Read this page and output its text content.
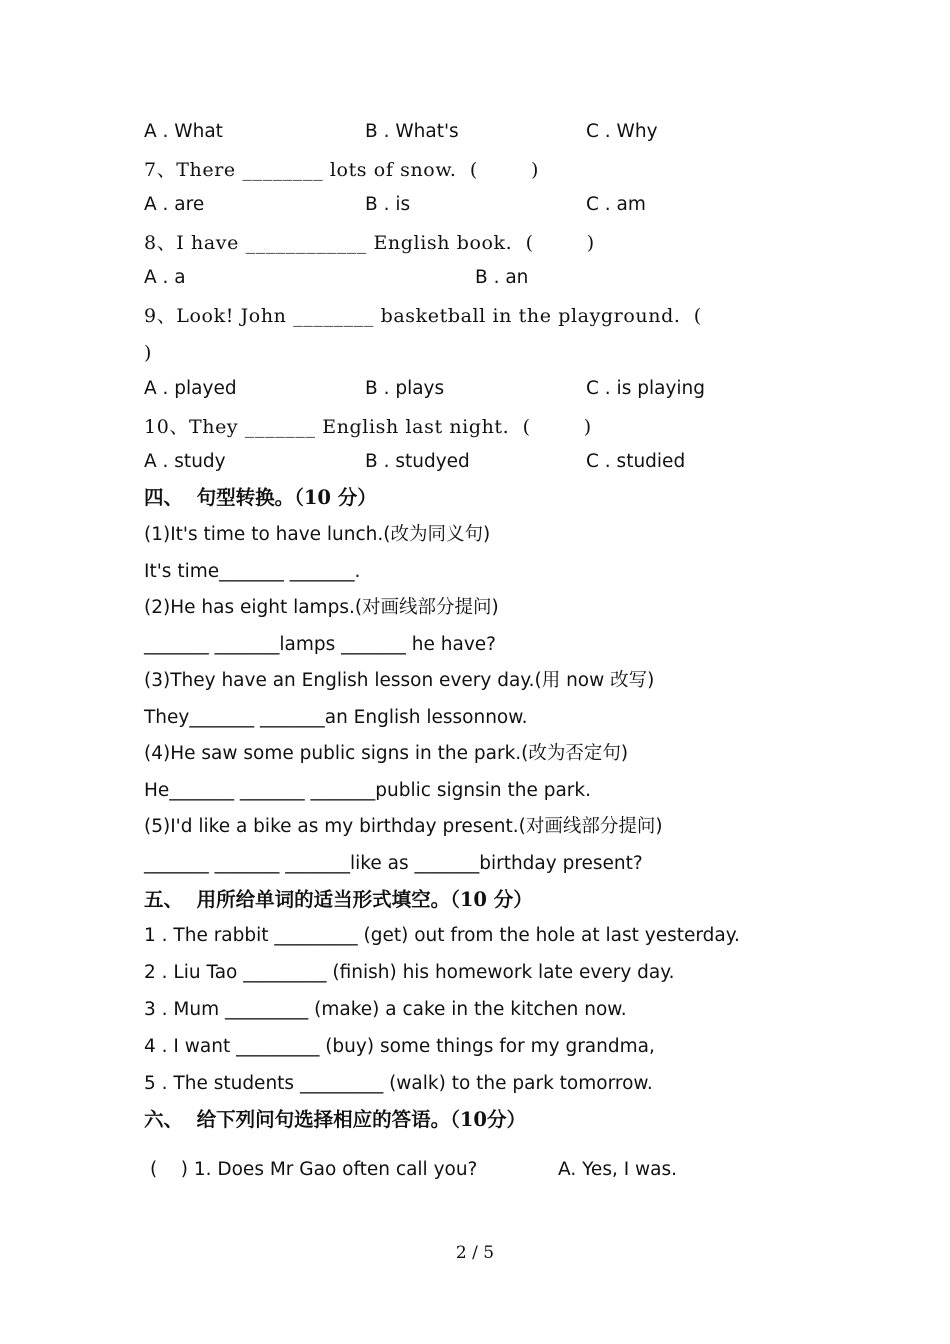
A . What	B . What's	C . Why
7、There ________ lots of snow.  (        )
A . are	B . is	C . am
8、I have ____________ English book.  (        )
A . a	B . an
9、Look! John ________ basketball in the playground.  (
)
A . played	B . plays	C . is playing
10、They _______ English last night.  (        )
A . study	B . studyed	C . studied
四、  句型转换。（10 分）
(1)It's time to have lunch.(改为同义句)
It's time_______ _______.
(2)He has eight lamps.(对画线部分提问)
_______ _______lamps _______ he have?
(3)They have an English lesson every day.(用 now 改写)
They_______ _______an English lessonnow.
(4)He saw some public signs in the park.(改为否定句)
He_______ _______ _______public signsin the park.
(5)I'd like a bike as my birthday present.(对画线部分提问)
_______ _______ _______like as _______birthday present?
五、  用所给单词的适当形式填空。（10 分）
1 . The rabbit _________ (get) out from the hole at last yesterday.
2 . Liu Tao _________ (finish) his homework late every day.
3 . Mum _________ (make) a cake in the kitchen now.
4 . I want _________ (buy) some things for my grandma,
5 . The students _________ (walk) to the park tomorrow.
六、  给下列问句选择相应的答语。（10分）
(    ) 1. Does Mr Gao often call you?	A. Yes, I was.
2 / 5
